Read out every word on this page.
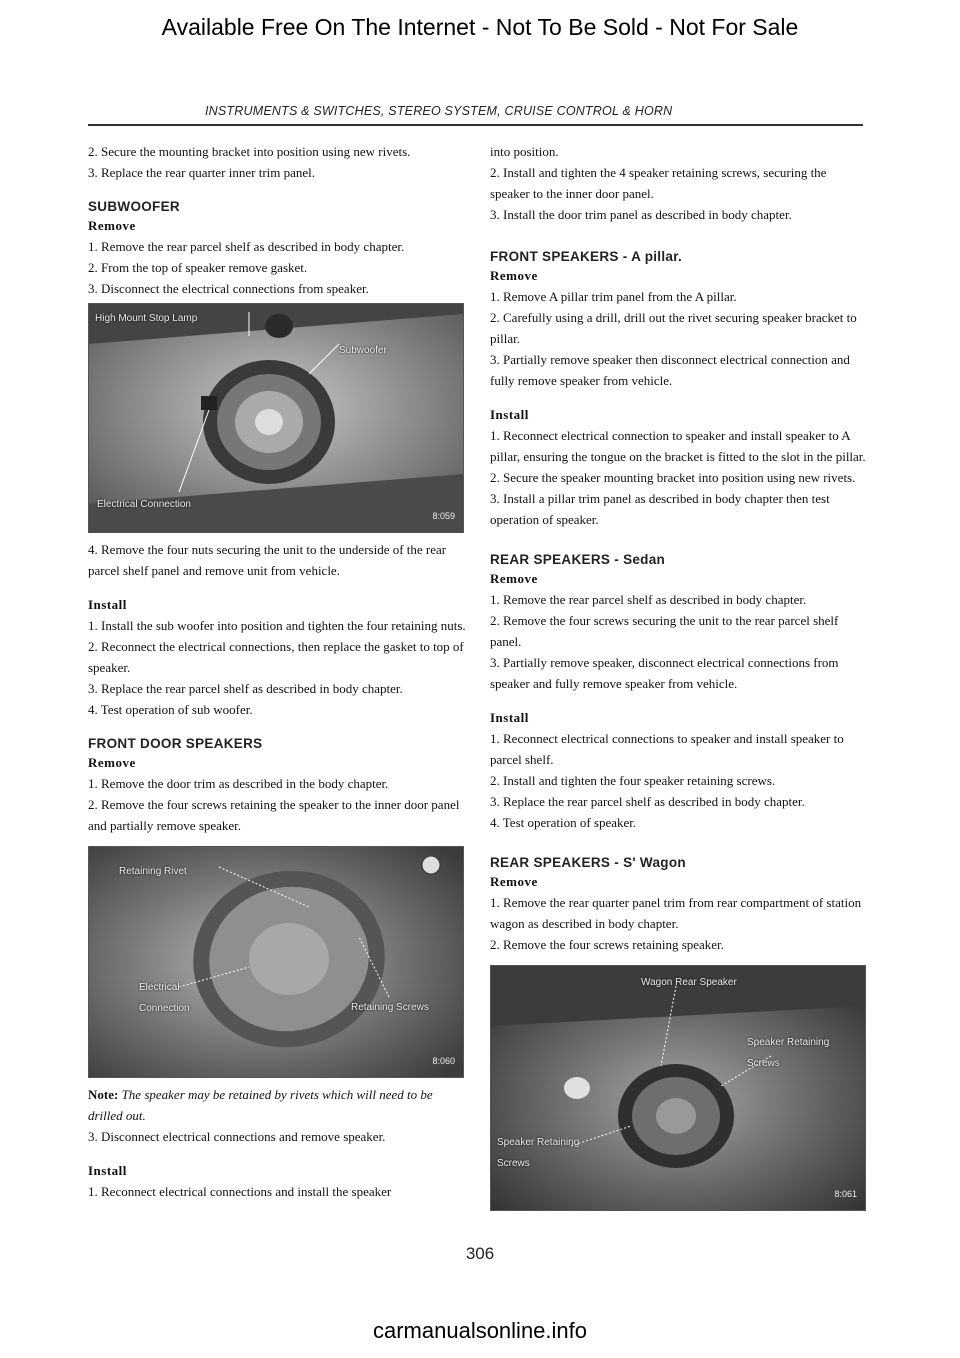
Available Free On The Internet - Not To Be Sold - Not For Sale
INSTRUMENTS & SWITCHES, STEREO SYSTEM, CRUISE CONTROL & HORN

2. Secure the mounting bracket into position using new rivets.

3. Replace the rear quarter inner trim panel.

SUBWOOFER
Remove

1. Remove the rear parcel shelf as described in body chapter.

2. From the top of speaker remove gasket.

3. Disconnect the electrical connections from speaker.

High Mount Stop Lamp
Subwoofer
Electrical Connection
8:059

4. Remove the four nuts securing the unit to the underside of the rear parcel shelf panel and remove unit from vehicle.

Install

1. Install the sub woofer into position and tighten the four retaining nuts.

2. Reconnect the electrical connections, then replace the gasket to top of speaker.

3. Replace the rear parcel shelf as described in body chapter.

4. Test operation of sub woofer.

FRONT DOOR SPEAKERS
Remove

1. Remove the door trim as described in the body chapter.

2. Remove the four screws retaining the speaker to the inner door panel and partially remove speaker.

Retaining Rivet
Electrical Connection	Retaining Screws
8:060

Note: The speaker may be retained by rivets which will need to be drilled out.

3. Disconnect electrical connections and remove speaker.

Install

1. Reconnect electrical connections and install the speaker

into position.

2. Install and tighten the 4 speaker retaining screws, securing the speaker to the inner door panel.

3. Install the door trim panel as described in body chapter.

FRONT SPEAKERS - A pillar.
Remove

1. Remove A pillar trim panel from the A pillar.

2. Carefully using a drill, drill out the rivet securing speaker bracket to pillar.

3. Partially remove speaker then disconnect electrical connection and fully remove speaker from vehicle.

Install

1. Reconnect electrical connection to speaker and install speaker to A pillar, ensuring the tongue on the bracket is fitted to the slot in the pillar.

2. Secure the speaker mounting bracket into position using new rivets.

3. Install a pillar trim panel as described in body chapter then test operation of speaker.

REAR SPEAKERS - Sedan
Remove

1. Remove the rear parcel shelf as described in body chapter.

2. Remove the four screws securing the unit to the rear parcel shelf panel.

3. Partially remove speaker, disconnect electrical connections from speaker and fully remove speaker from vehicle.

Install

1. Reconnect electrical connections to speaker and install speaker to parcel shelf.

2. Install and tighten the four speaker retaining screws.

3. Replace the rear parcel shelf as described in body chapter.

4. Test operation of speaker.

REAR SPEAKERS - S' Wagon
Remove

1. Remove the rear quarter panel trim from rear compartment of station wagon as described in body chapter.

2. Remove the four screws retaining speaker.

Wagon Rear Speaker
Speaker Retaining Screws
Speaker Retaining Screws
8:061
306
carmanualsonline.info
